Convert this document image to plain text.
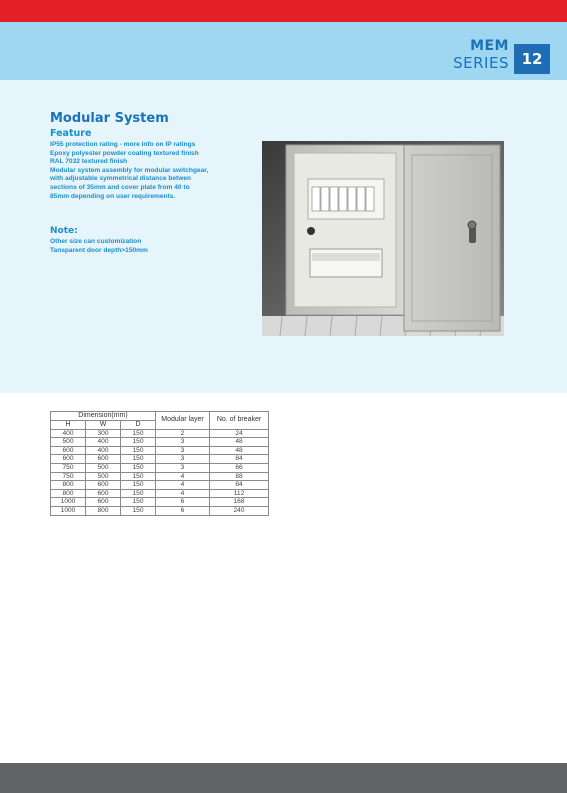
MEM
SERIES 12
Modular System
Feature
IP55 protection rating - more info on IP ratings
Epoxy polyester powder coating textured finish
RAL 7032 textured finish
Modular system assembly for modular switchgear,
with adjustable symmetrical distance betwen
sections of 35mm and cover plate from 40 to
85mm depending on user requirements.
Note:
Other size can customization
Tansparent door depth>150mm
Dimension(mm)			Modular layer	No. of breaker
H	W	D		
400	300	150	2	24
500	400	150	3	48
600	400	150	3	48
600	600	150	3	84
750	500	150	3	66
750	500	150	4	88
800	600	150	4	84
800	600	150	4	112
1000	600	150	6	168
1000	800	150	6	240
